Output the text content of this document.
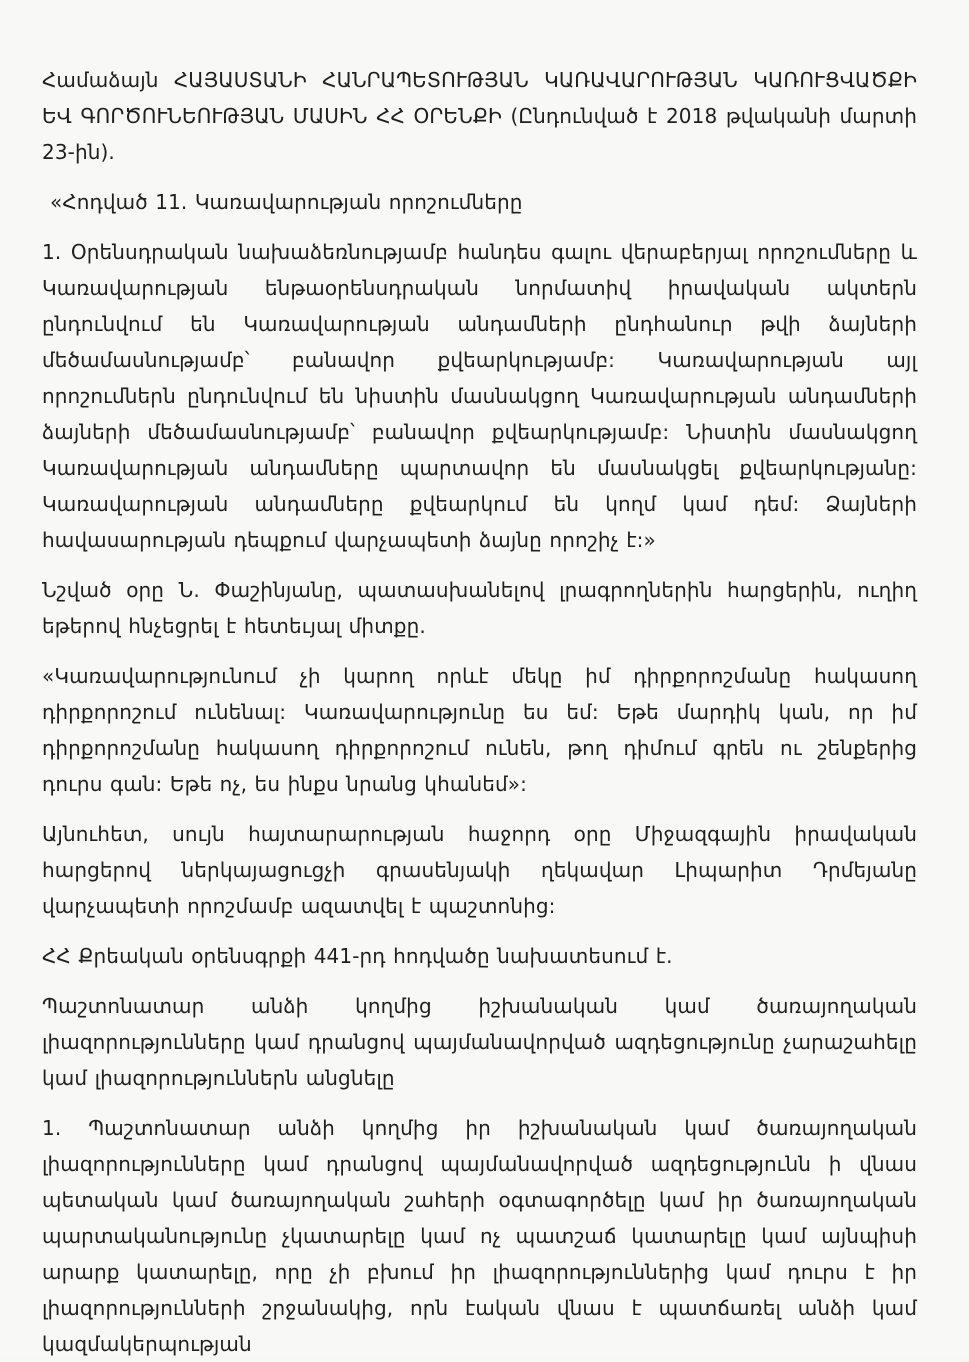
Համաձայն ՀԱՅԱՍՏԱՆԻ ՀԱՆՐԱՊԵՏՈՒԹՅԱՆ ԿԱՌԱՎԱՐՈՒԹՅԱՆ ԿԱՌՈՒՑՎԱԾՔԻ ԵՎ ԳՈՐԾՈՒՆԵՈՒԹՅԱՆ ՄԱՍԻՆ ՀՀ ՕՐԵՆՔԻ (Ընդունված է 2018 թվականի մարտի 23-ին).

«Հոդված 11. Կառավարության որոշումները

1. Օրենսդրական նախաձեռնությամբ հանդես գալու վերաբերյալ որոշումները և Կառավարության ենթաօրենսդրական նորմատիվ իրավական ակտերն ընդունվում են Կառավարության անդամների ընդհանուր թվի ձայների մեծամասնությամբ՝ բանավոր քվեարկությամբ: Կառավարության այլ որոշումներն ընդունվում են նիստին մասնակցող Կառավարության անդամների ձայների մեծամասնությամբ՝ բանավոր քվեարկությամբ: Նիստին մասնակցող Կառավարության անդամները պարտավոր են մասնակցել քվեարկությանը: Կառավարության անդամները քվեարկում են կողմ կամ դեմ: Ձայների հավասարության դեպքում վարչապետի ձայնը որոշիչ է:»

Նշված օրը Ն. Փաշինյանը, պատասխանելով լրագրողներին հարցերին, ուղիղ եթերով հնչեցրել է հետեւյալ միտքը.

«Կառավարությունում չի կարող որևէ մեկը իմ դիրքորոշմանը հակասող դիրքորոշում ունենալ: Կառավարությունը ես եմ: Եթե մարդիկ կան, որ իմ դիրքորոշմանը հակասող դիրքորոշում ունեն, թող դիմում գրեն ու շենքերից դուրս գան: Եթե ոչ, ես ինքս նրանց կհանեմ»:

Այնուհետ, սույն հայտարարության հաջորդ օրը Միջազգային իրավական հարցերով ներկայացուցչի գրասենյակի ղեկավար Լիպարիտ Դրմեյանը վարչապետի որոշմամբ ազատվել է պաշտոնից:

ՀՀ Քրեական օրենսգրքի 441-րդ հոդվածը նախատեսում է.

Պաշտոնատար անձի կողմից իշխանական կամ ծառայողական լիազորությունները կամ դրանցով պայմանավորված ազդեցությունը չարաշահելը կամ լիազորություններն անցնելը

1. Պաշտոնատար անձի կողմից իր իշխանական կամ ծառայողական լիազորությունները կամ դրանցով պայմանավորված ազդեցությունն ի վնաս պետական կամ ծառայողական շահերի օգտագործելը կամ իր ծառայողական պարտականությունը չկատարելը կամ ոչ պատշաճ կատարելը կամ այնպիսի արարք կատարելը, որը չի բխում իր լիազորություններից կամ դուրս է իր լիազորությունների շրջանակից, որն էական վնաս է պատճառել անձի կամ կազմակերպության
